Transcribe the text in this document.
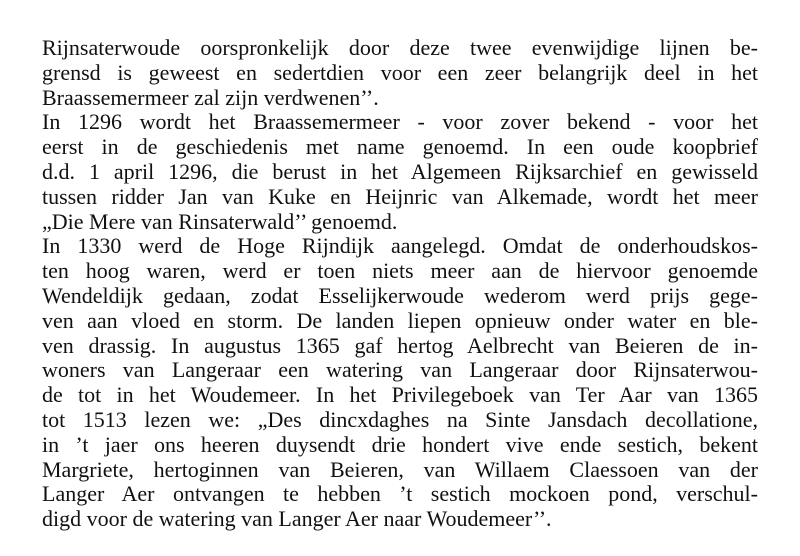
Rijnsaterwoude oorspronkelijk door deze twee evenwijdige lijnen be-
grensd is geweest en sedertdien voor een zeer belangrijk deel in het
Braassemermeer zal zijn verdwenen’’.
In 1296 wordt het Braassemermeer - voor zover bekend - voor het
eerst in de geschiedenis met name genoemd. In een oude koopbrief
d.d. 1 april 1296, die berust in het Algemeen Rijksarchief en gewisseld
tussen ridder Jan van Kuke en Heijnric van Alkemade, wordt het meer
„Die Mere van Rinsaterwald’’ genoemd.
In 1330 werd de Hoge Rijndijk aangelegd. Omdat de onderhoudskos-
ten hoog waren, werd er toen niets meer aan de hiervoor genoemde
Wendeldijk gedaan, zodat Esselijkerwoude wederom werd prijs gege-
ven aan vloed en storm. De landen liepen opnieuw onder water en ble-
ven drassig. In augustus 1365 gaf hertog Aelbrecht van Beieren de in-
woners van Langeraar een watering van Langeraar door Rijnsaterwou-
de tot in het Woudemeer. In het Privilegeboek van Ter Aar van 1365
tot 1513 lezen we: „Des dincxdaghes na Sinte Jansdach decollatione,
in ’t jaer ons heeren duysendt drie hondert vive ende sestich, bekent
Margriete, hertoginnen van Beieren, van Willaem Claessoen van der
Langer Aer ontvangen te hebben ’t sestich mockoen pond, verschul-
digd voor de watering van Langer Aer naar Woudemeer’’.
